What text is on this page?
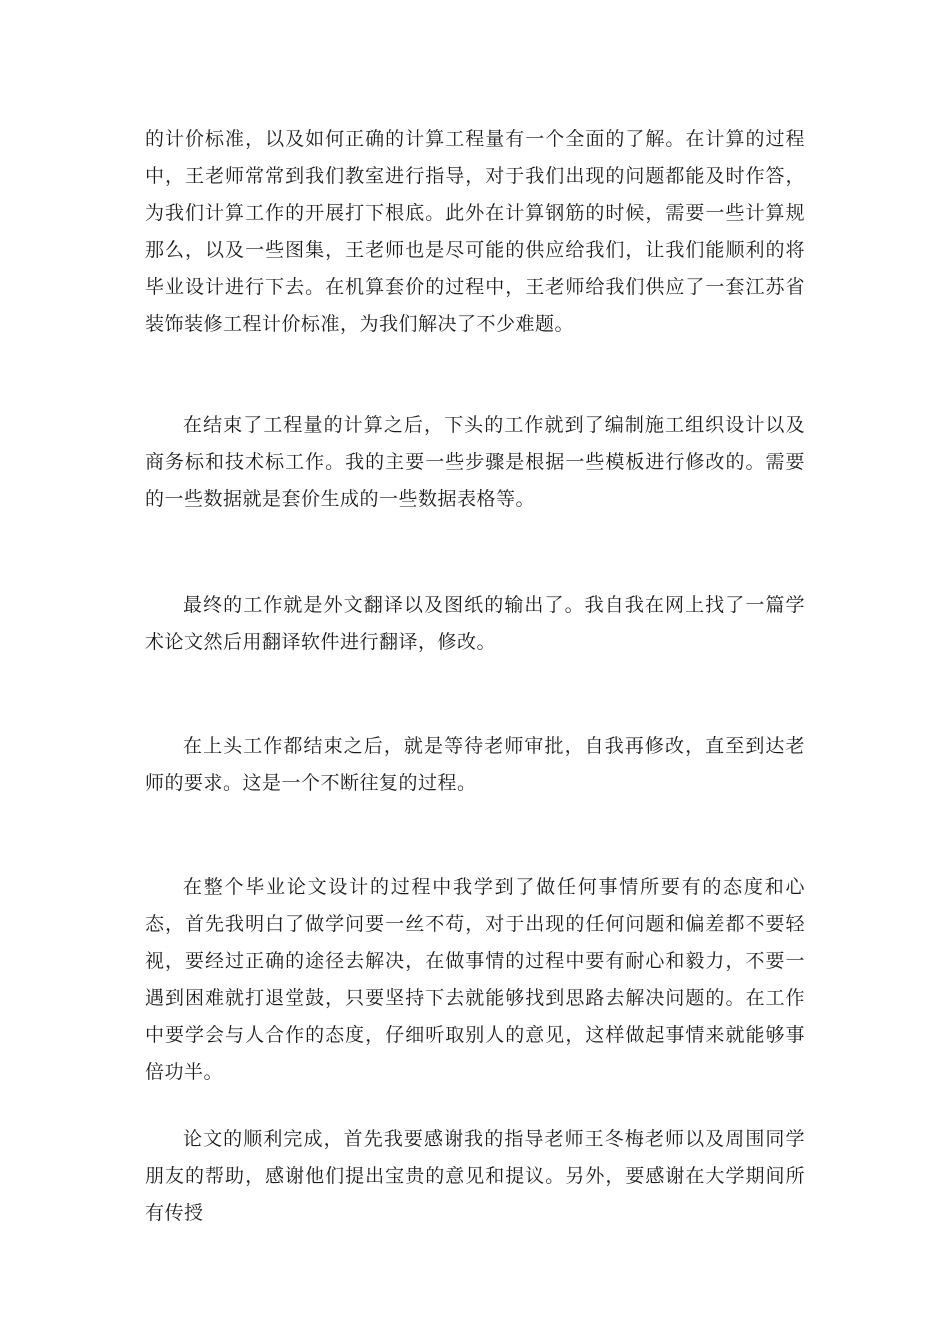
的计价标准，以及如何正确的计算工程量有一个全面的了解。在计算的过程中，王老师常常到我们教室进行指导，对于我们出现的问题都能及时作答，为我们计算工作的开展打下根底。此外在计算钢筋的时候，需要一些计算规那么，以及一些图集，王老师也是尽可能的供应给我们，让我们能顺利的将毕业设计进行下去。在机算套价的过程中，王老师给我们供应了一套江苏省装饰装修工程计价标准，为我们解决了不少难题。

在结束了工程量的计算之后，下头的工作就到了编制施工组织设计以及商务标和技术标工作。我的主要一些步骤是根据一些模板进行修改的。需要的一些数据就是套价生成的一些数据表格等。

最终的工作就是外文翻译以及图纸的输出了。我自我在网上找了一篇学术论文然后用翻译软件进行翻译，修改。

在上头工作都结束之后，就是等待老师审批，自我再修改，直至到达老师的要求。这是一个不断往复的过程。

在整个毕业论文设计的过程中我学到了做任何事情所要有的态度和心态，首先我明白了做学问要一丝不苟，对于出现的任何问题和偏差都不要轻视，要经过正确的途径去解决，在做事情的过程中要有耐心和毅力，不要一遇到困难就打退堂鼓，只要坚持下去就能够找到思路去解决问题的。在工作中要学会与人合作的态度，仔细听取别人的意见，这样做起事情来就能够事倍功半。

论文的顺利完成，首先我要感谢我的指导老师王冬梅老师以及周围同学朋友的帮助，感谢他们提出宝贵的意见和提议。另外，要感谢在大学期间所有传授
